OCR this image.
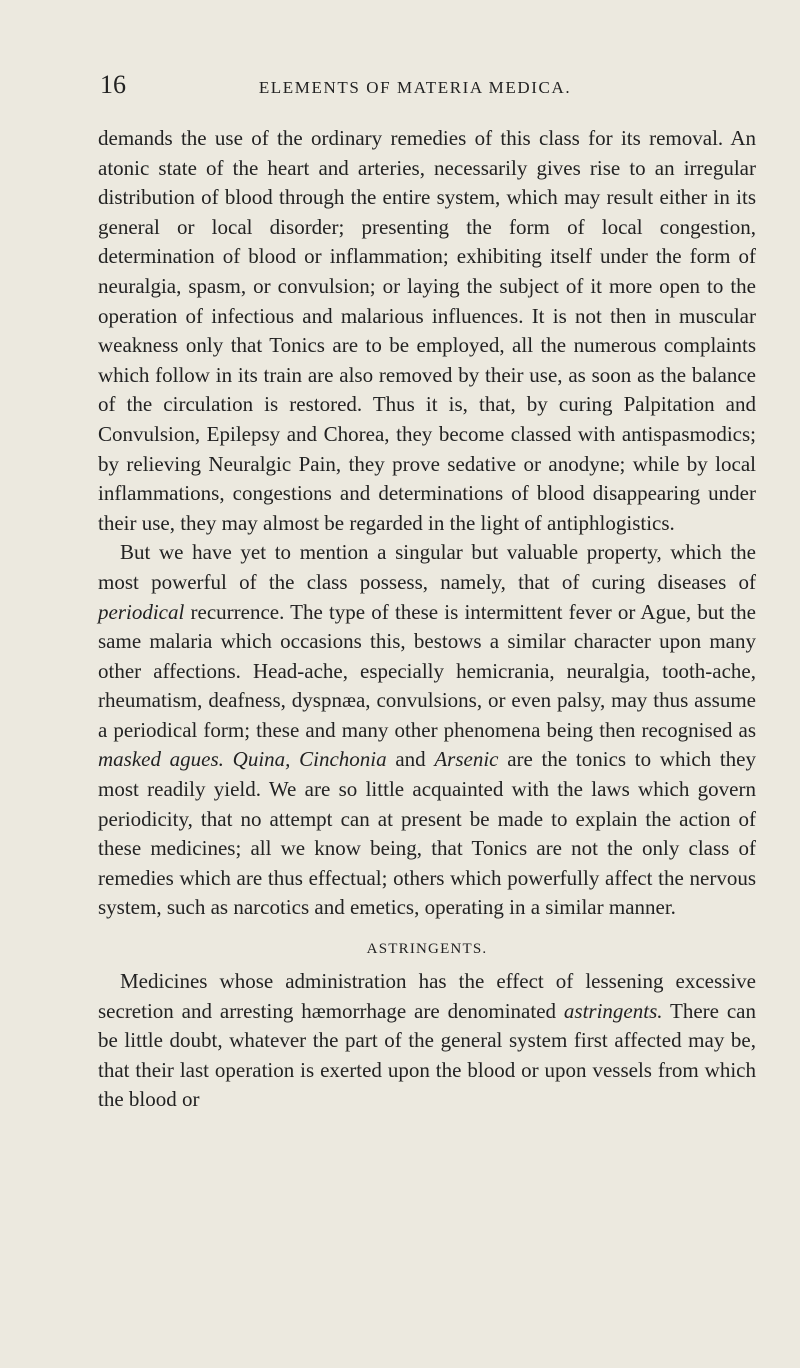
16	ELEMENTS OF MATERIA MEDICA.

demands the use of the ordinary remedies of this class for its removal. An atonic state of the heart and arteries, necessarily gives rise to an irregular distribution of blood through the entire system, which may result either in its general or local disorder; presenting the form of local congestion, determination of blood or inflammation; exhibiting itself under the form of neuralgia, spasm, or convulsion; or laying the subject of it more open to the operation of infectious and malarious influences. It is not then in muscular weakness only that Tonics are to be employed, all the numerous complaints which follow in its train are also removed by their use, as soon as the balance of the circulation is restored. Thus it is, that, by curing Palpitation and Convulsion, Epilepsy and Chorea, they become classed with antispasmodics; by relieving Neuralgic Pain, they prove sedative or anodyne; while by local inflammations, congestions and determinations of blood disappearing under their use, they may almost be regarded in the light of antiphlogistics.

But we have yet to mention a singular but valuable property, which the most powerful of the class possess, namely, that of curing diseases of periodical recurrence. The type of these is intermittent fever or Ague, but the same malaria which occasions this, bestows a similar character upon many other affections. Head-ache, especially hemicrania, neuralgia, tooth-ache, rheumatism, deafness, dyspnæa, convulsions, or even palsy, may thus assume a periodical form; these and many other phenomena being then recognised as masked agues. Quina, Cinchonia and Arsenic are the tonics to which they most readily yield. We are so little acquainted with the laws which govern periodicity, that no attempt can at present be made to explain the action of these medicines; all we know being, that Tonics are not the only class of remedies which are thus effectual; others which powerfully affect the nervous system, such as narcotics and emetics, operating in a similar manner.

ASTRINGENTS.

Medicines whose administration has the effect of lessening excessive secretion and arresting hæmorrhage are denominated astringents. There can be little doubt, whatever the part of the general system first affected may be, that their last operation is exerted upon the blood or upon vessels from which the blood or
